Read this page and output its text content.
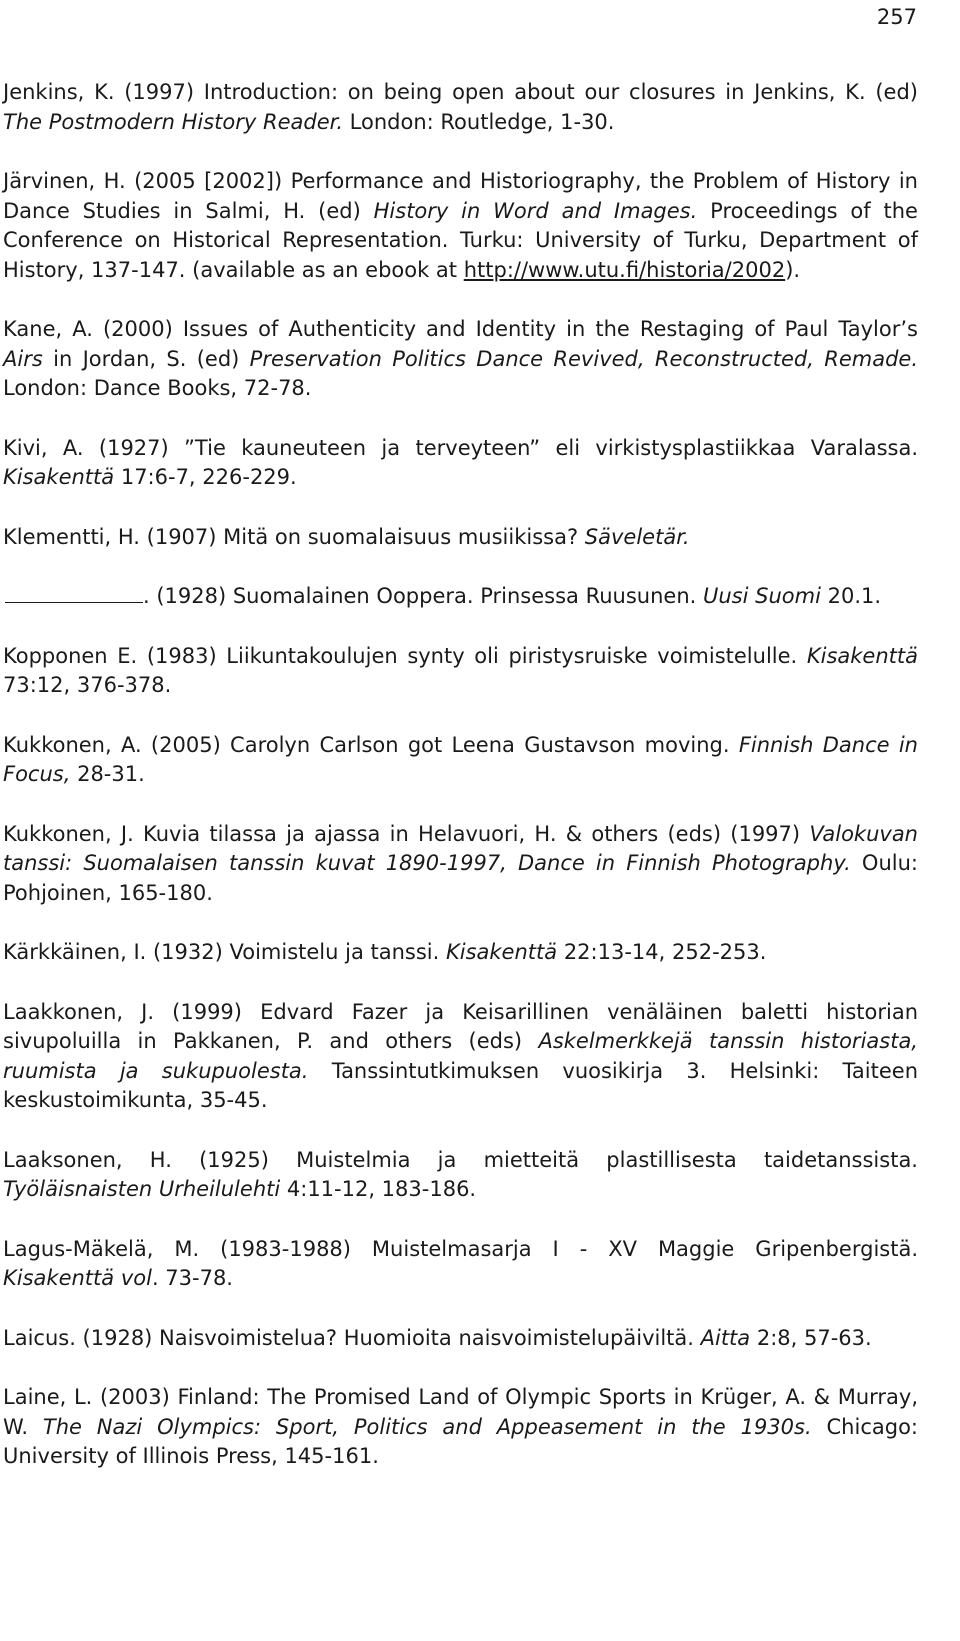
257

Jenkins, K. (1997) Introduction: on being open about our closures in Jenkins, K. (ed) The Postmodern History Reader. London: Routledge, 1-30.

Järvinen, H. (2005 [2002]) Performance and Historiography, the Problem of History in Dance Studies in Salmi, H. (ed) History in Word and Images. Proceedings of the Conference on Historical Representation. Turku: University of Turku, Department of History, 137-147. (available as an ebook at http://www.utu.fi/historia/2002).

Kane, A. (2000) Issues of Authenticity and Identity in the Restaging of Paul Taylor’s Airs in Jordan, S. (ed) Preservation Politics Dance Revived, Reconstructed, Remade. London: Dance Books, 72-78.

Kivi, A. (1927) ”Tie kauneuteen ja terveyteen” eli virkistysplastiikkaa Varalassa. Kisakenttä 17:6-7, 226-229.

Klementti, H. (1907) Mitä on suomalaisuus musiikissa? Säveletär.

. (1928) Suomalainen Ooppera. Prinsessa Ruusunen. Uusi Suomi 20.1.

Kopponen E. (1983) Liikuntakoulujen synty oli piristysruiske voimistelulle. Kisakenttä 73:12, 376-378.

Kukkonen, A. (2005) Carolyn Carlson got Leena Gustavson moving. Finnish Dance in Focus, 28-31.

Kukkonen, J. Kuvia tilassa ja ajassa in Helavuori, H. & others (eds) (1997) Valokuvan tanssi: Suomalaisen tanssin kuvat 1890-1997, Dance in Finnish Photography. Oulu: Pohjoinen, 165-180.

Kärkkäinen, I. (1932) Voimistelu ja tanssi. Kisakenttä 22:13-14, 252-253.

Laakkonen, J. (1999) Edvard Fazer ja Keisarillinen venäläinen baletti historian sivupoluilla in Pakkanen, P. and others (eds) Askelmerkkejä tanssin historiasta, ruumista ja sukupuolesta. Tanssintutkimuksen vuosikirja 3. Helsinki: Taiteen keskustoimikunta, 35-45.

Laaksonen, H. (1925) Muistelmia ja mietteitä plastillisesta taidetanssista. Työläisnaisten Urheilulehti 4:11-12, 183-186.

Lagus-Mäkelä, M. (1983-1988) Muistelmasarja I - XV Maggie Gripenbergistä. Kisakenttä vol. 73-78.

Laicus. (1928) Naisvoimistelua? Huomioita naisvoimistelupäiviltä. Aitta 2:8, 57-63.

Laine, L. (2003) Finland: The Promised Land of Olympic Sports in Krüger, A. & Murray, W. The Nazi Olympics: Sport, Politics and Appeasement in the 1930s. Chicago: University of Illinois Press, 145-161.
